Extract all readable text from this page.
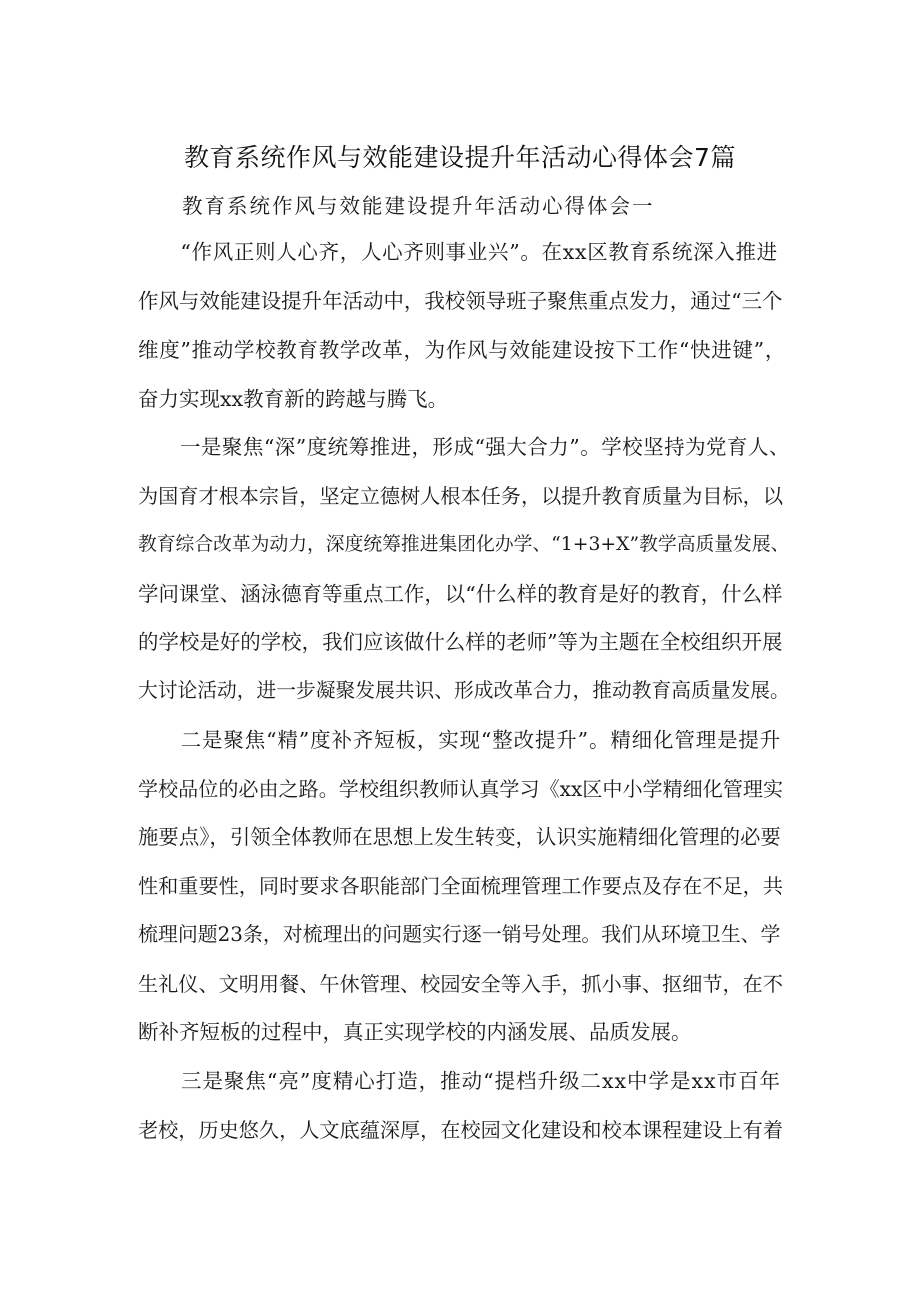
教育系统作风与效能建设提升年活动心得体会7篇
教育系统作风与效能建设提升年活动心得体会一
　　“作风正则人心齐，人心齐则事业兴”。在xx区教育系统深入推进
作风与效能建设提升年活动中，我校领导班子聚焦重点发力，通过“三个
维度”推动学校教育教学改革，为作风与效能建设按下工作“快进键”，
奋力实现xx教育新的跨越与腾飞。
　　一是聚焦“深”度统筹推进，形成“强大合力”。学校坚持为党育人、
为国育才根本宗旨，坚定立德树人根本任务，以提升教育质量为目标，以
教育综合改革为动力，深度统筹推进集团化办学、“1+3+X”教学高质量发展、
学问课堂、涵泳德育等重点工作，以“什么样的教育是好的教育，什么样
的学校是好的学校，我们应该做什么样的老师”等为主题在全校组织开展
大讨论活动，进一步凝聚发展共识、形成改革合力，推动教育高质量发展。
　　二是聚焦“精”度补齐短板，实现“整改提升”。精细化管理是提升
学校品位的必由之路。学校组织教师认真学习《xx区中小学精细化管理实
施要点》，引领全体教师在思想上发生转变，认识实施精细化管理的必要
性和重要性，同时要求各职能部门全面梳理管理工作要点及存在不足，共
梳理问题23条，对梳理出的问题实行逐一销号处理。我们从环境卫生、学
生礼仪、文明用餐、午休管理、校园安全等入手，抓小事、抠细节，在不
断补齐短板的过程中，真正实现学校的内涵发展、品质发展。
　　三是聚焦“亮”度精心打造，推动“提档升级二xx中学是xx市百年
老校，历史悠久，人文底蕴深厚，在校园文化建设和校本课程建设上有着
